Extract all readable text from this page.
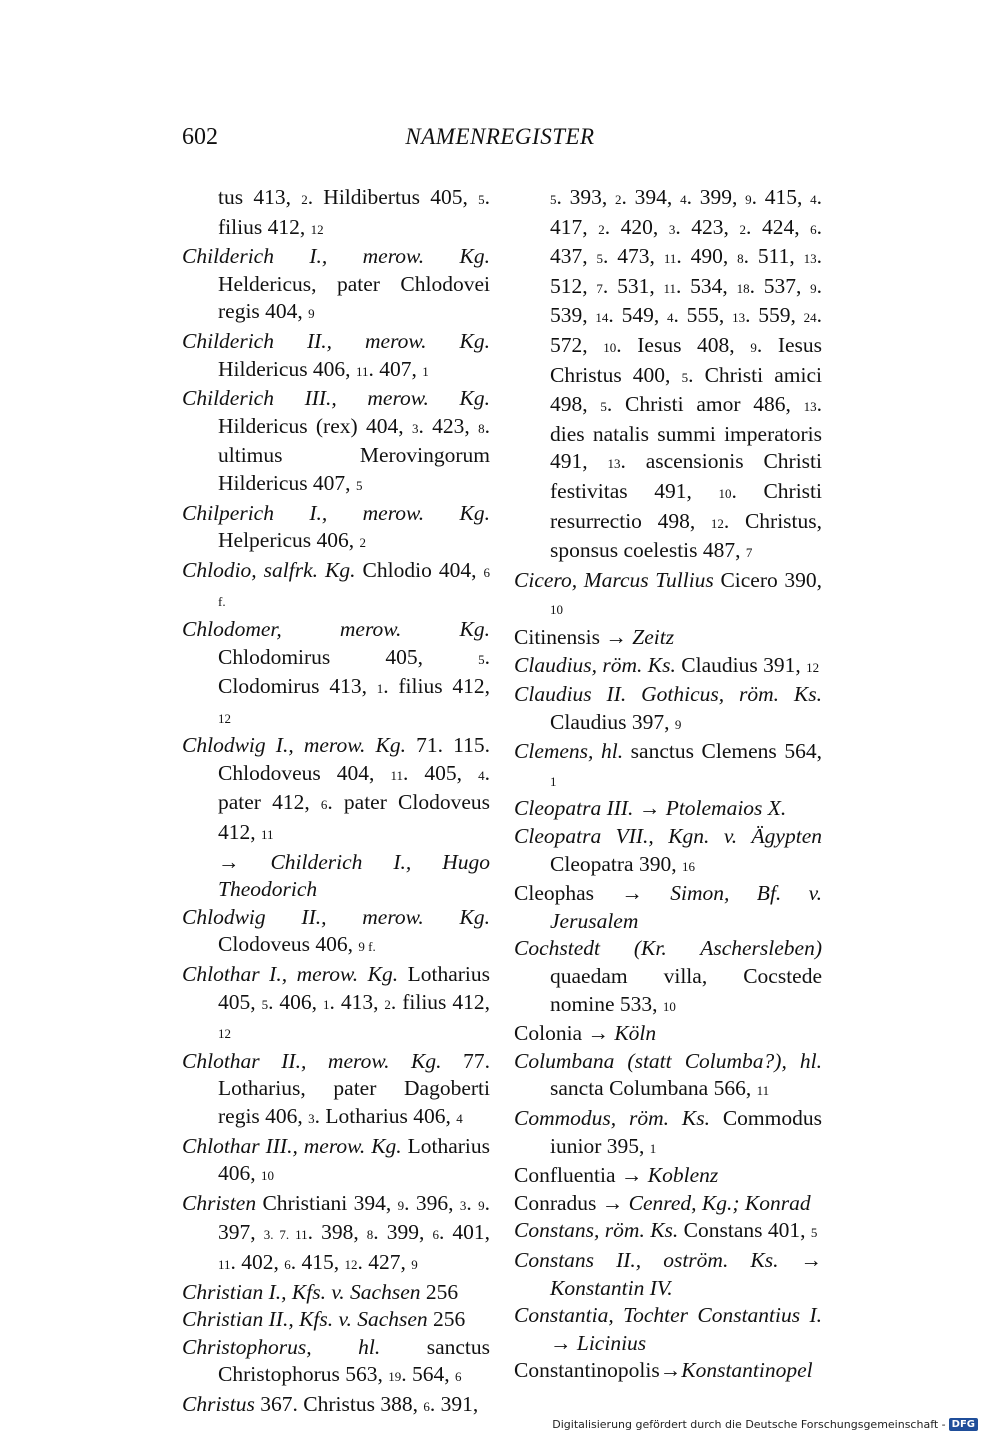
602	NAMENREGISTER
tus 413, 2. Hildibertus 405, 5. filius 412, 12
Childerich I., merow. Kg. Heldericus, pater Chlodovei regis 404, 9
Childerich II., merow. Kg. Hildericus 406, 11. 407, 1
Childerich III., merow. Kg. Hildericus (rex) 404, 3. 423, 8. ultimus Merovingorum Hildericus 407, 5
Chilperich I., merow. Kg. Helpericus 406, 2
Chlodio, salfrk. Kg. Chlodio 404, 6 f.
Chlodomer, merow. Kg. Chlodomirus 405, 5. Clodomirus 413, 1. filius 412, 12
Chlodwig I., merow. Kg. 71. 115. Chlodoveus 404, 11. 405, 4. pater 412, 6. pater Clodoveus 412, 11
→ Childerich I., Hugo Theodorich
Chlodwig II., merow. Kg. Clodoveus 406, 9 f.
Chlothar I., merow. Kg. Lotharius 405, 5. 406, 1. 413, 2. filius 412, 12
Chlothar II., merow. Kg. 77. Lotharius, pater Dagoberti regis 406, 3. Lotharius 406, 4
Chlothar III., merow. Kg. Lotharius 406, 10
Christen Christiani 394, 9. 396, 3. 9. 397, 3. 7. 11. 398, 8. 399, 6. 401, 11. 402, 6. 415, 12. 427, 9
Christian I., Kfs. v. Sachsen 256
Christian II., Kfs. v. Sachsen 256
Christophorus, hl. sanctus Christophorus 563, 19. 564, 6
Christus 367. Christus 388, 6. 391,
5. 393, 2. 394, 4. 399, 9. 415, 4. 417, 2. 420, 3. 423, 2. 424, 6. 437, 5. 473, 11. 490, 8. 511, 13. 512, 7. 531, 11. 534, 18. 537, 9. 539, 14. 549, 4. 555, 13. 559, 24. 572, 10. Iesus 408, 9. Iesus Christus 400, 5. Christi amici 498, 5. Christi amor 486, 13. dies natalis summi imperatoris 491, 13. ascensionis Christi festivitas 491, 10. Christi resurrectio 498, 12. Christus, sponsus coelestis 487, 7
Cicero, Marcus Tullius Cicero 390, 10
Citinensis → Zeitz
Claudius, röm. Ks. Claudius 391, 12
Claudius II. Gothicus, röm. Ks. Claudius 397, 9
Clemens, hl. sanctus Clemens 564, 1
Cleopatra III. → Ptolemaios X.
Cleopatra VII., Kgn. v. Ägypten Cleopatra 390, 16
Cleophas → Simon, Bf. v. Jerusalem
Cochstedt (Kr. Aschersleben) quaedam villa, Cocstede nomine 533, 10
Colonia → Köln
Columbana (statt Columba?), hl. sancta Columbana 566, 11
Commodus, röm. Ks. Commodus iunior 395, 1
Confluentia → Koblenz
Conradus → Cenred, Kg.; Konrad
Constans, röm. Ks. Constans 401, 5
Constans II., oström. Ks. → Konstantin IV.
Constantia, Tochter Constantius I. → Licinius
Constantinopolis→Konstantinopel
Digitalisierung gefördert durch die Deutsche Forschungsgemeinschaft - DFG
